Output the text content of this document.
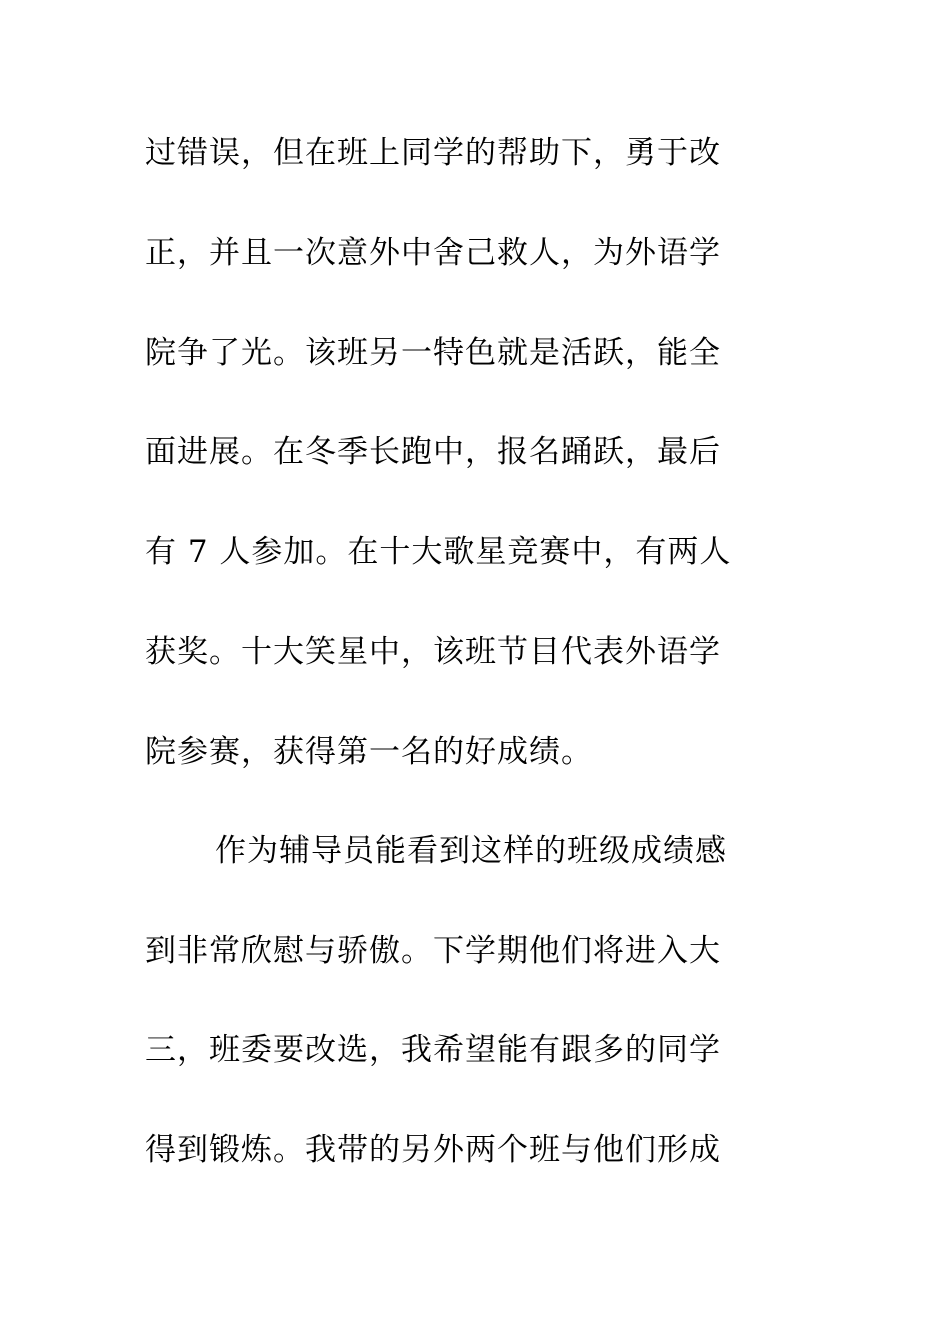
过错误，但在班上同学的帮助下，勇于改
正，并且一次意外中舍己救人，为外语学
院争了光。该班另一特色就是活跃，能全
面进展。在冬季长跑中，报名踊跃，最后
有 7 人参加。在十大歌星竞赛中，有两人
获奖。十大笑星中，该班节目代表外语学
院参赛，获得第一名的好成绩。
作为辅导员能看到这样的班级成绩感
到非常欣慰与骄傲。下学期他们将进入大
三，班委要改选，我希望能有跟多的同学
得到锻炼。我带的另外两个班与他们形成
